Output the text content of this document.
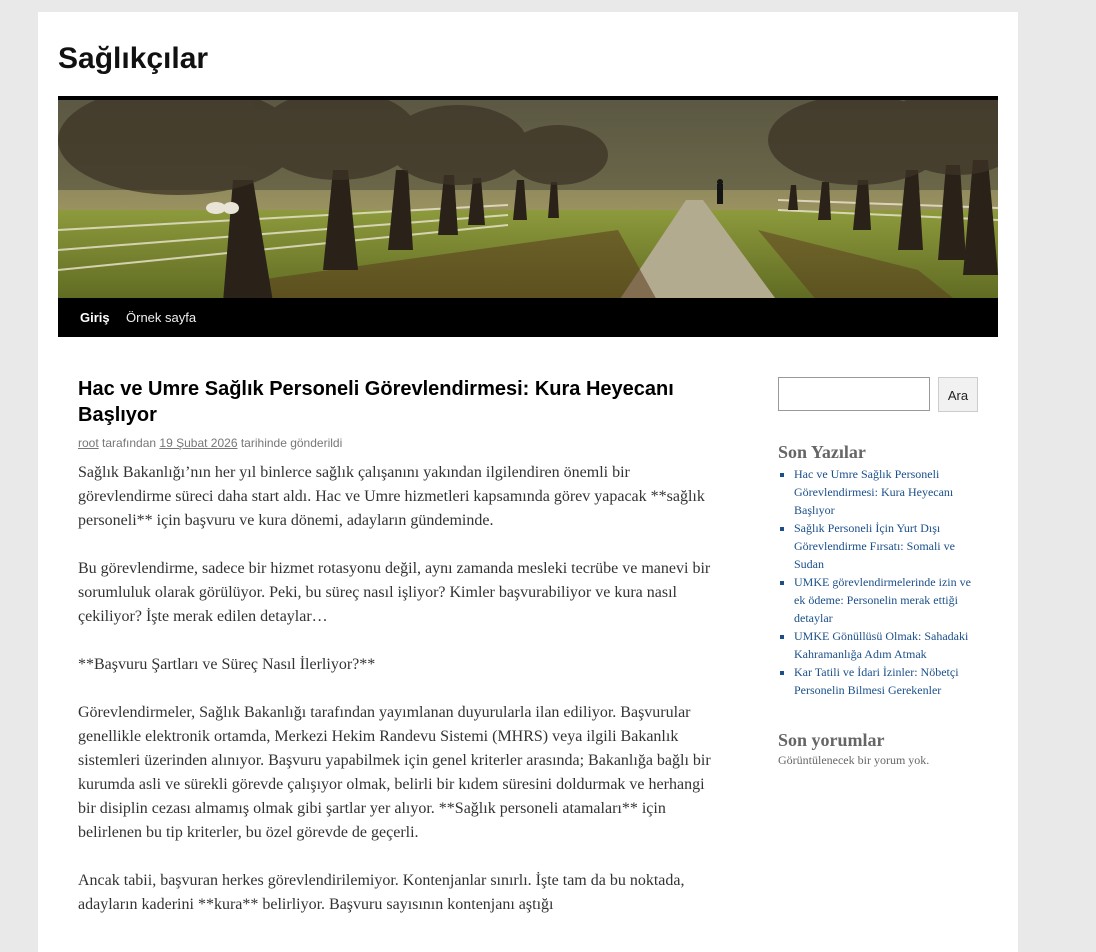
Sağlıkçılar
Giriş Örnek sayfa
Hac ve Umre Sağlık Personeli Görevlendirmesi: Kura Heyecanı Başlıyor
root tarafından 19 Şubat 2026 tarihinde gönderildi

Sağlık Bakanlığı’nın her yıl binlerce sağlık çalışanını yakından ilgilendiren önemli bir görevlendirme süreci daha start aldı. Hac ve Umre hizmetleri kapsamında görev yapacak **sağlık personeli** için başvuru ve kura dönemi, adayların gündeminde.

Bu görevlendirme, sadece bir hizmet rotasyonu değil, aynı zamanda mesleki tecrübe ve manevi bir sorumluluk olarak görülüyor. Peki, bu süreç nasıl işliyor? Kimler başvurabiliyor ve kura nasıl çekiliyor? İşte merak edilen detaylar…

**Başvuru Şartları ve Süreç Nasıl İlerliyor?**

Görevlendirmeler, Sağlık Bakanlığı tarafından yayımlanan duyurularla ilan ediliyor. Başvurular genellikle elektronik ortamda, Merkezi Hekim Randevu Sistemi (MHRS) veya ilgili Bakanlık sistemleri üzerinden alınıyor. Başvuru yapabilmek için genel kriterler arasında; Bakanlığa bağlı bir kurumda asli ve sürekli görevde çalışıyor olmak, belirli bir kıdem süresini doldurmak ve herhangi bir disiplin cezası almamış olmak gibi şartlar yer alıyor. **Sağlık personeli atamaları** için belirlenen bu tip kriterler, bu özel görevde de geçerli.

Ancak tabii, başvuran herkes görevlendirilemiyor. Kontenjanlar sınırlı. İşte tam da bu noktada, adayların kaderini **kura** belirliyor. Başvuru sayısının kontenjanı aştığı

Ara
Son Yazılar
▪ Hac ve Umre Sağlık Personeli Görevlendirmesi: Kura Heyecanı Başlıyor
▪ Sağlık Personeli İçin Yurt Dışı Görevlendirme Fırsatı: Somali ve Sudan
▪ UMKE görevlendirmelerinde izin ve ek ödeme: Personelin merak ettiği detaylar
▪ UMKE Gönüllüsü Olmak: Sahadaki Kahramanlığa Adım Atmak
▪ Kar Tatili ve İdari İzinler: Nöbetçi Personelin Bilmesi Gerekenler
Son yorumlar
Görüntülenecek bir yorum yok.
